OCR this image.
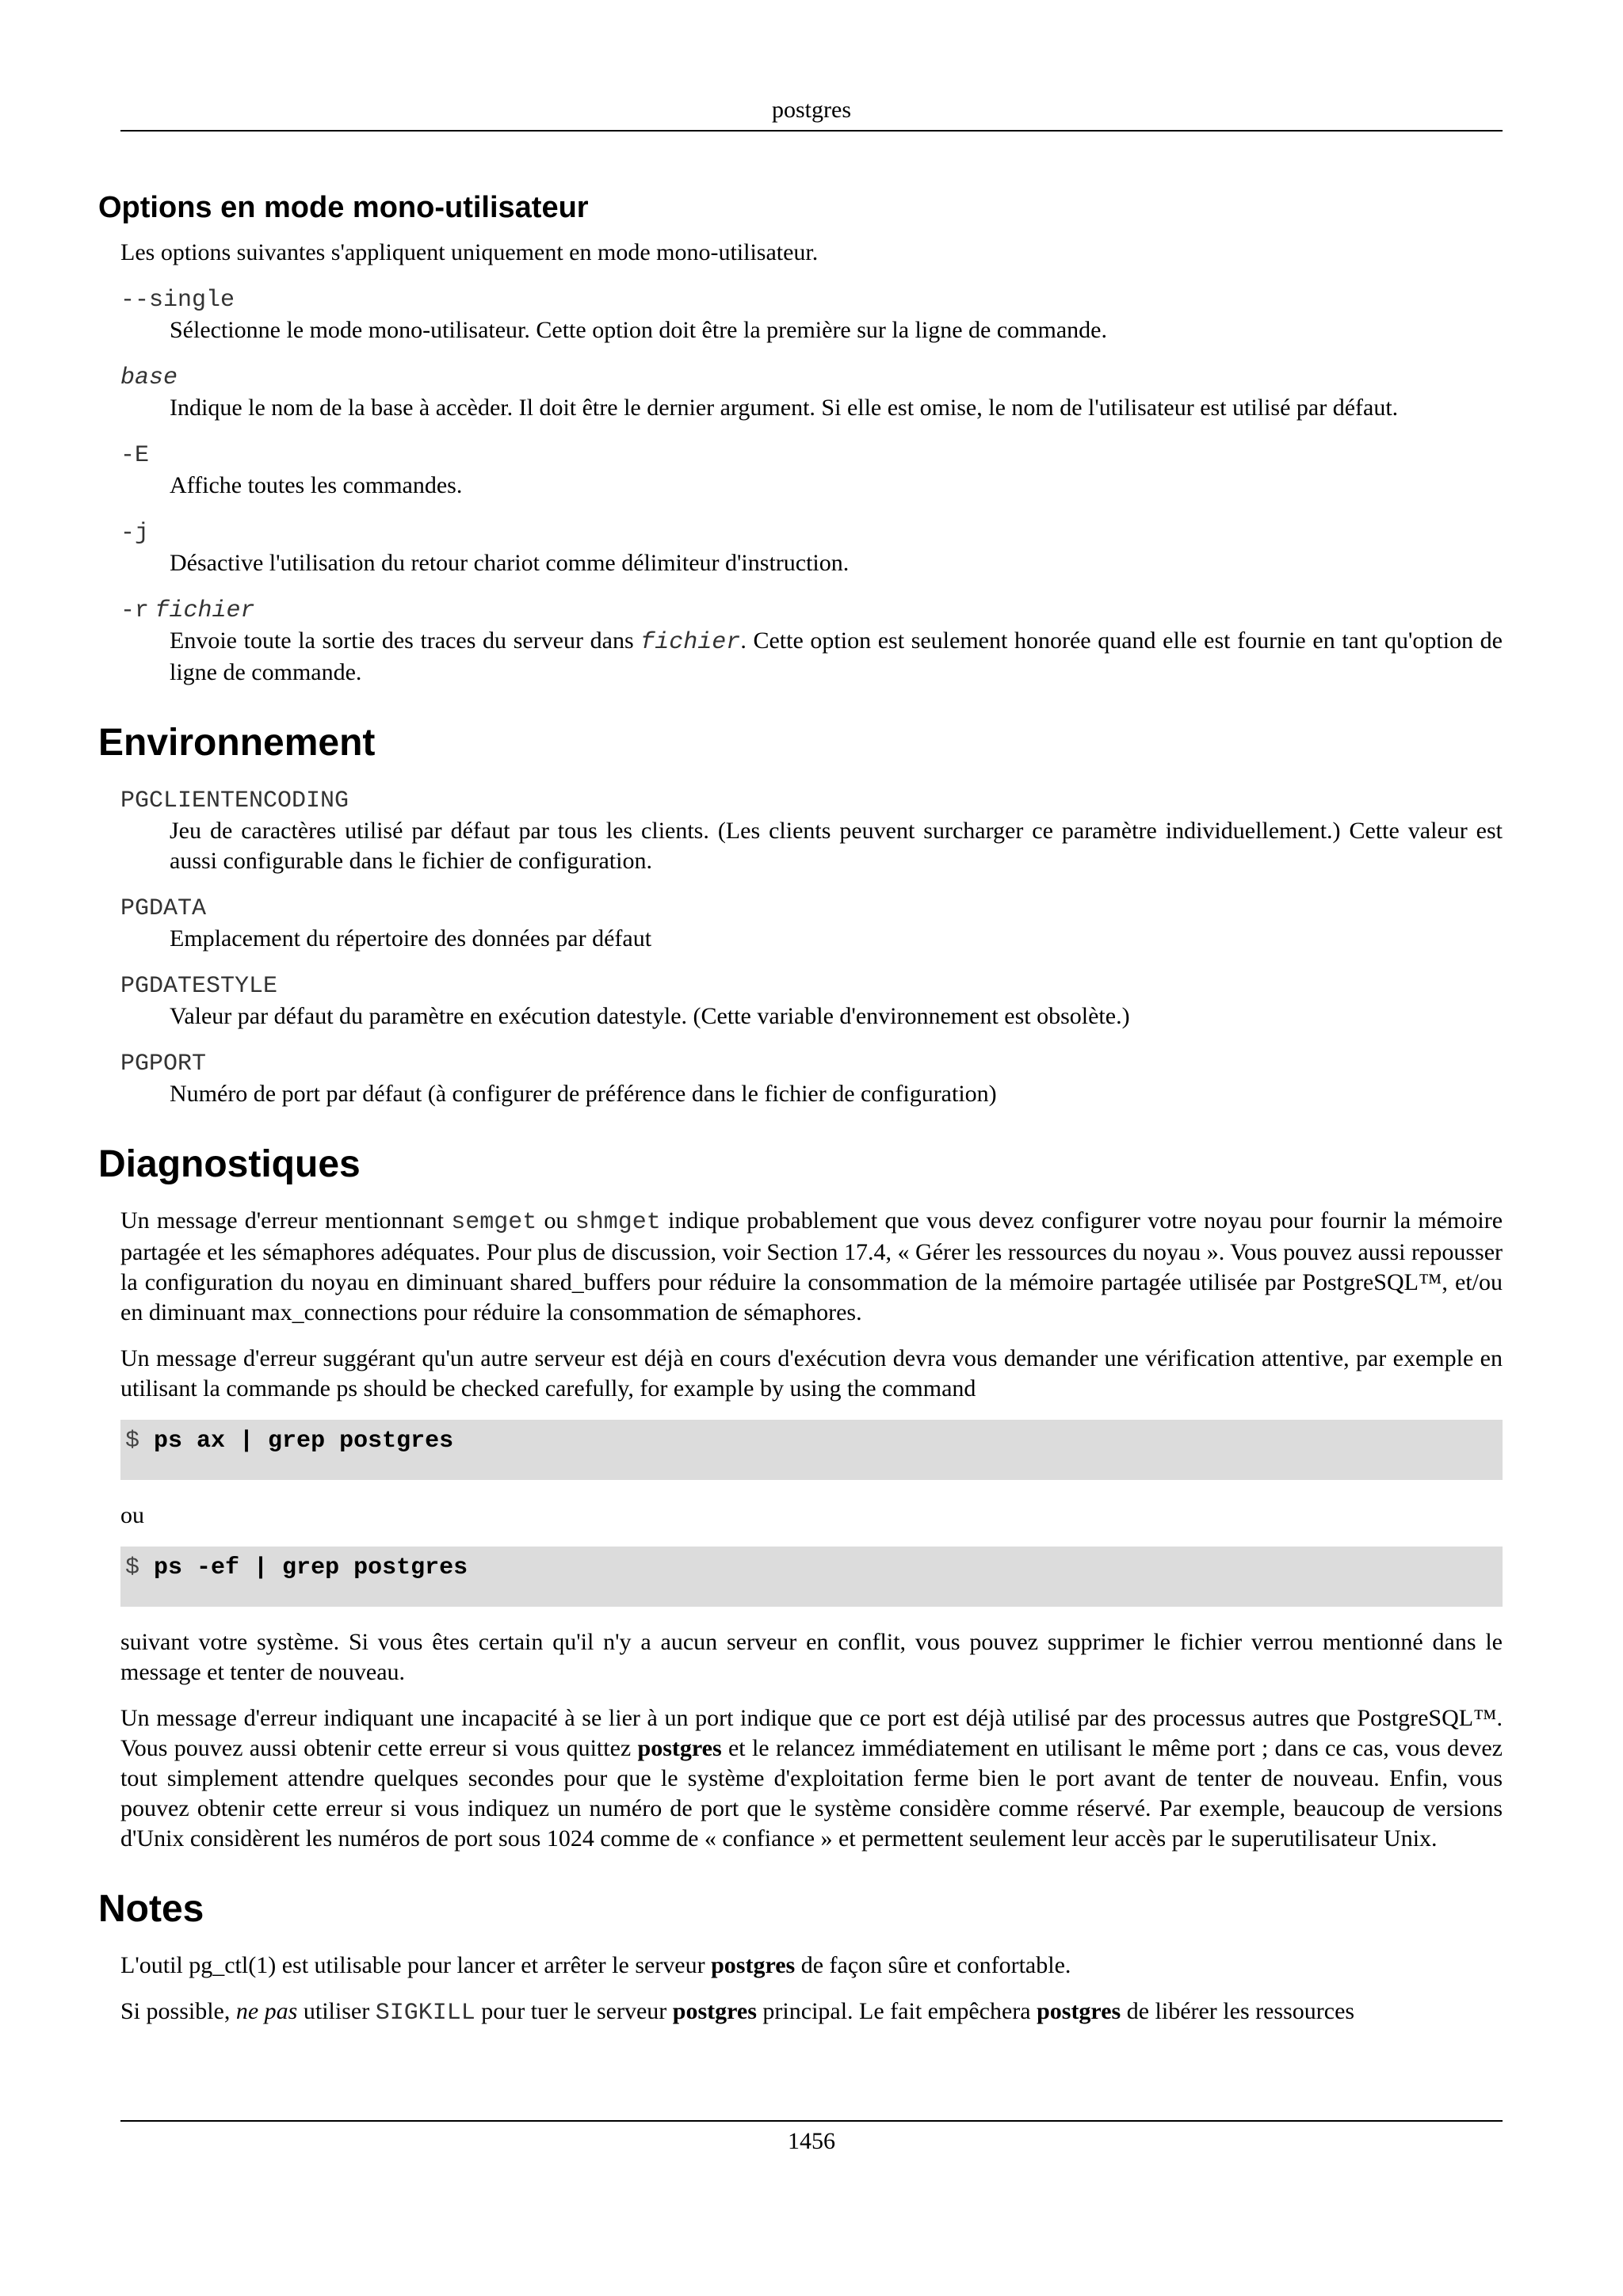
postgres
Options en mode mono-utilisateur

Les options suivantes s'appliquent uniquement en mode mono-utilisateur.

--single
Sélectionne le mode mono-utilisateur. Cette option doit être la première sur la ligne de commande.
base
Indique le nom de la base à accèder. Il doit être le dernier argument. Si elle est omise, le nom de l'utilisateur est utilisé par défaut.
-E
Affiche toutes les commandes.
-j
Désactive l'utilisation du retour chariot comme délimiteur d'instruction.
-r fichier
Envoie toute la sortie des traces du serveur dans fichier. Cette option est seulement honorée quand elle est fournie en tant qu'option de ligne de commande.
Environnement
PGCLIENTENCODING
Jeu de caractères utilisé par défaut par tous les clients. (Les clients peuvent surcharger ce paramètre individuellement.) Cette valeur est aussi configurable dans le fichier de configuration.
PGDATA
Emplacement du répertoire des données par défaut
PGDATESTYLE
Valeur par défaut du paramètre en exécution datestyle. (Cette variable d'environnement est obsolète.)
PGPORT
Numéro de port par défaut (à configurer de préférence dans le fichier de configuration)
Diagnostiques

Un message d'erreur mentionnant semget ou shmget indique probablement que vous devez configurer votre noyau pour fournir la mémoire partagée et les sémaphores adéquates. Pour plus de discussion, voir Section 17.4, « Gérer les ressources du noyau ». Vous pouvez aussi repousser la configuration du noyau en diminuant shared_buffers pour réduire la consommation de la mémoire partagée utilisée par PostgreSQL™, et/ou en diminuant max_connections pour réduire la consommation de sémaphores.

Un message d'erreur suggérant qu'un autre serveur est déjà en cours d'exécution devra vous demander une vérification attentive, par exemple en utilisant la commande ps should be checked carefully, for example by using the command

$ ps ax | grep postgres

ou

$ ps -ef | grep postgres

suivant votre système. Si vous êtes certain qu'il n'y a aucun serveur en conflit, vous pouvez supprimer le fichier verrou mentionné dans le message et tenter de nouveau.

Un message d'erreur indiquant une incapacité à se lier à un port indique que ce port est déjà utilisé par des processus autres que PostgreSQL™. Vous pouvez aussi obtenir cette erreur si vous quittez postgres et le relancez immédiatement en utilisant le même port ; dans ce cas, vous devez tout simplement attendre quelques secondes pour que le système d'exploitation ferme bien le port avant de tenter de nouveau. Enfin, vous pouvez obtenir cette erreur si vous indiquez un numéro de port que le système considère comme réservé. Par exemple, beaucoup de versions d'Unix considèrent les numéros de port sous 1024 comme de « confiance » et permettent seulement leur accès par le superutilisateur Unix.

Notes

L'outil pg_ctl(1) est utilisable pour lancer et arrêter le serveur postgres de façon sûre et confortable.

Si possible, ne pas utiliser SIGKILL pour tuer le serveur postgres principal. Le fait empêchera postgres de libérer les ressources

1456
